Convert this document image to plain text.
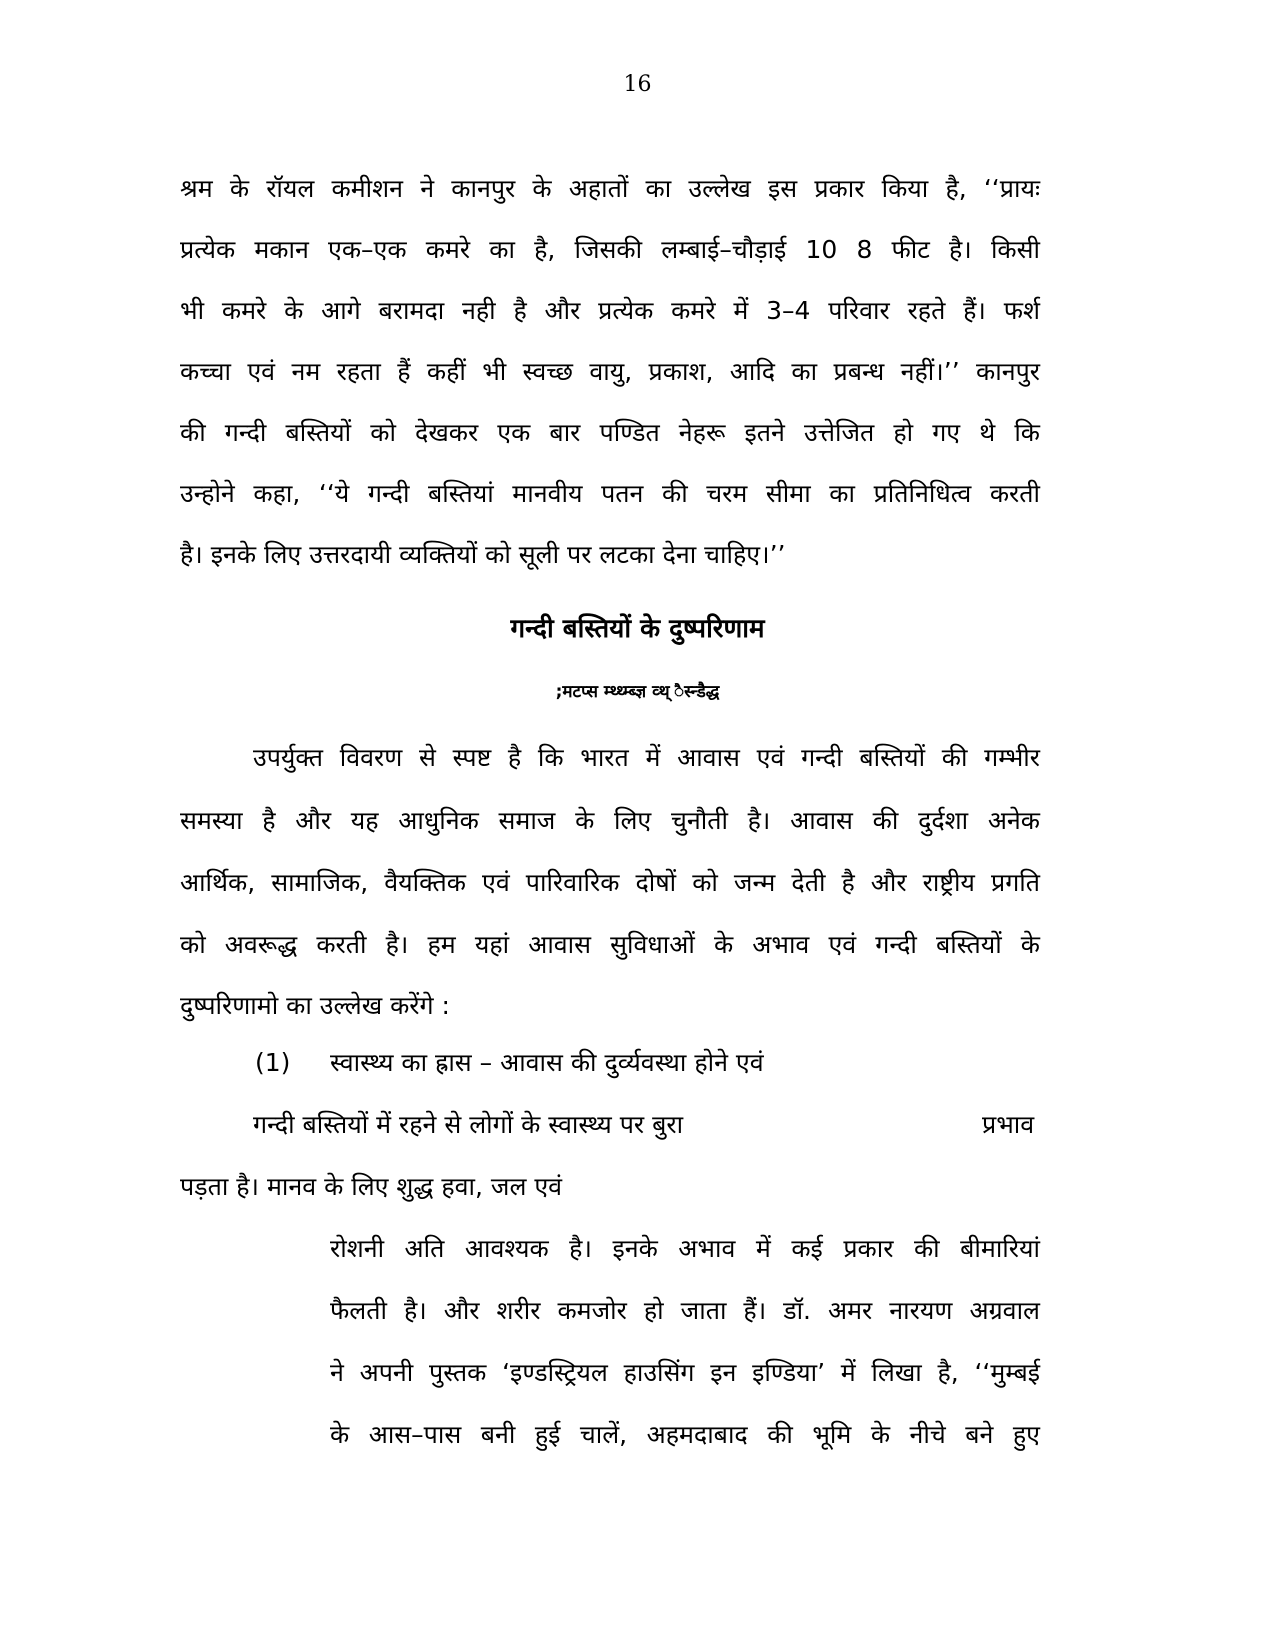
16
श्रम के रॉयल कमीशन ने कानपुर के अहातों का उल्लेख इस प्रकार किया है, ‘‘प्रायः
प्रत्येक मकान एक–एक कमरे का है, जिसकी लम्बाई–चौड़ाई 10 8 फीट है। किसी
भी कमरे के आगे बरामदा नही है और प्रत्येक कमरे में 3–4 परिवार रहते हैं। फर्श
कच्चा एवं नम रहता हैं कहीं भी स्वच्छ वायु, प्रकाश, आदि का प्रबन्ध नहीं।’’ कानपुर
की गन्दी बस्तियों को देखकर एक बार पण्डित नेहरू इतने उत्तेजित हो गए थे कि
उन्होने कहा, ‘‘ये गन्दी बस्तियां मानवीय पतन की चरम सीमा का प्रतिनिधित्व करती
है। इनके लिए उत्तरदायी व्यक्तियों को सूली पर लटका देना चाहिए।’’
गन्दी बस्तियों के दुष्परिणाम
;मटप्स म्थ्थ्म्ब्ज्ञ व्थ् ैस्न्डैद्ध
उपर्युक्त विवरण से स्पष्ट है कि भारत में आवास एवं गन्दी बस्तियों की गम्भीर
समस्या है और यह आधुनिक समाज के लिए चुनौती है। आवास की दुर्दशा अनेक
आर्थिक, सामाजिक, वैयक्तिक एवं पारिवारिक दोषों को जन्म देती है और राष्ट्रीय प्रगति
को अवरूद्ध करती है। हम यहां आवास सुविधाओं के अभाव एवं गन्दी बस्तियों के
दुष्परिणामो का उल्लेख करेंगे :
(1) स्वास्थ्य का ह्रास – आवास की दुर्व्यवस्था होने एवं
गन्दी बस्तियों में रहने से लोगों के स्वास्थ्य पर बुरा	प्रभाव
पड़ता है। मानव के लिए शुद्ध हवा, जल एवं
रोशनी अति आवश्यक है। इनके अभाव में कई प्रकार की बीमारियां
फैलती है। और शरीर कमजोर हो जाता हैं। डॉ. अमर नारयण अग्रवाल
ने अपनी पुस्तक ‘इण्डस्ट्रियल हाउसिंग इन इण्डिया’ में लिखा है, ‘‘मुम्बई
के आस–पास बनी हुई चालें, अहमदाबाद की भूमि के नीचे बने हुए
